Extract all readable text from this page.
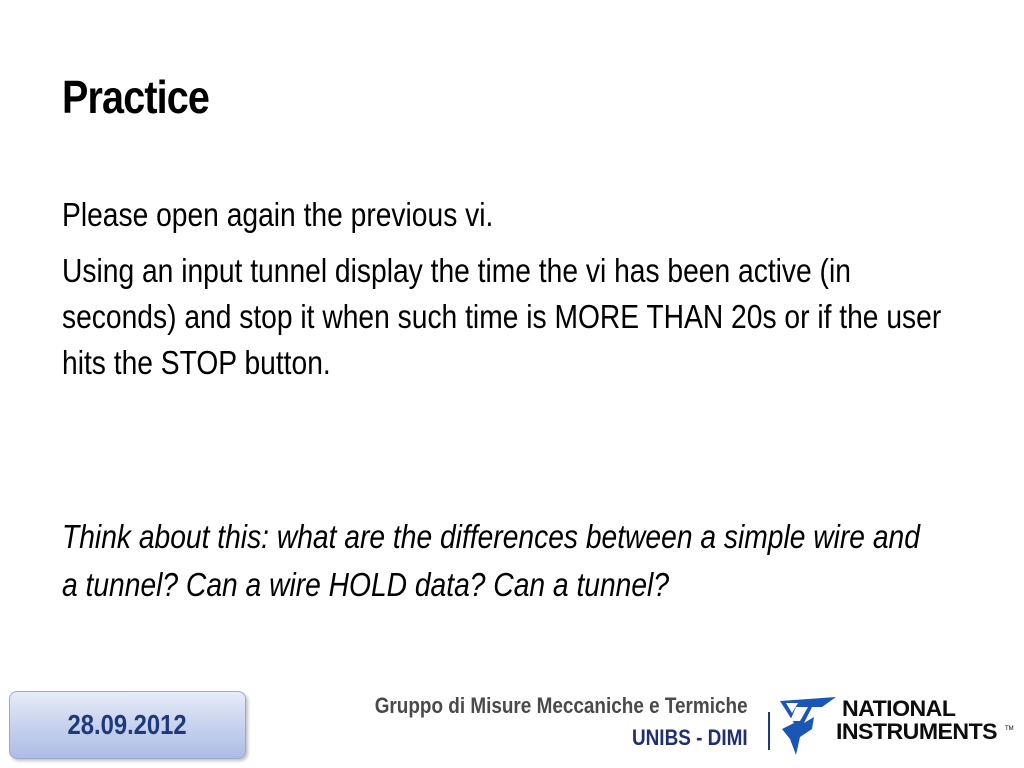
Practice

Please open again the previous vi.

Using an input tunnel display the time the vi has been active (in seconds) and stop it when such time is MORE THAN 20s or if the user hits the STOP button.

Think about this: what are the differences between a simple wire and a tunnel? Can a wire HOLD data? Can a tunnel?
28.09.2012
Gruppo di Misure Meccaniche e Termiche
UNIBS - DIMI
NATIONAL
INSTRUMENTS TM
